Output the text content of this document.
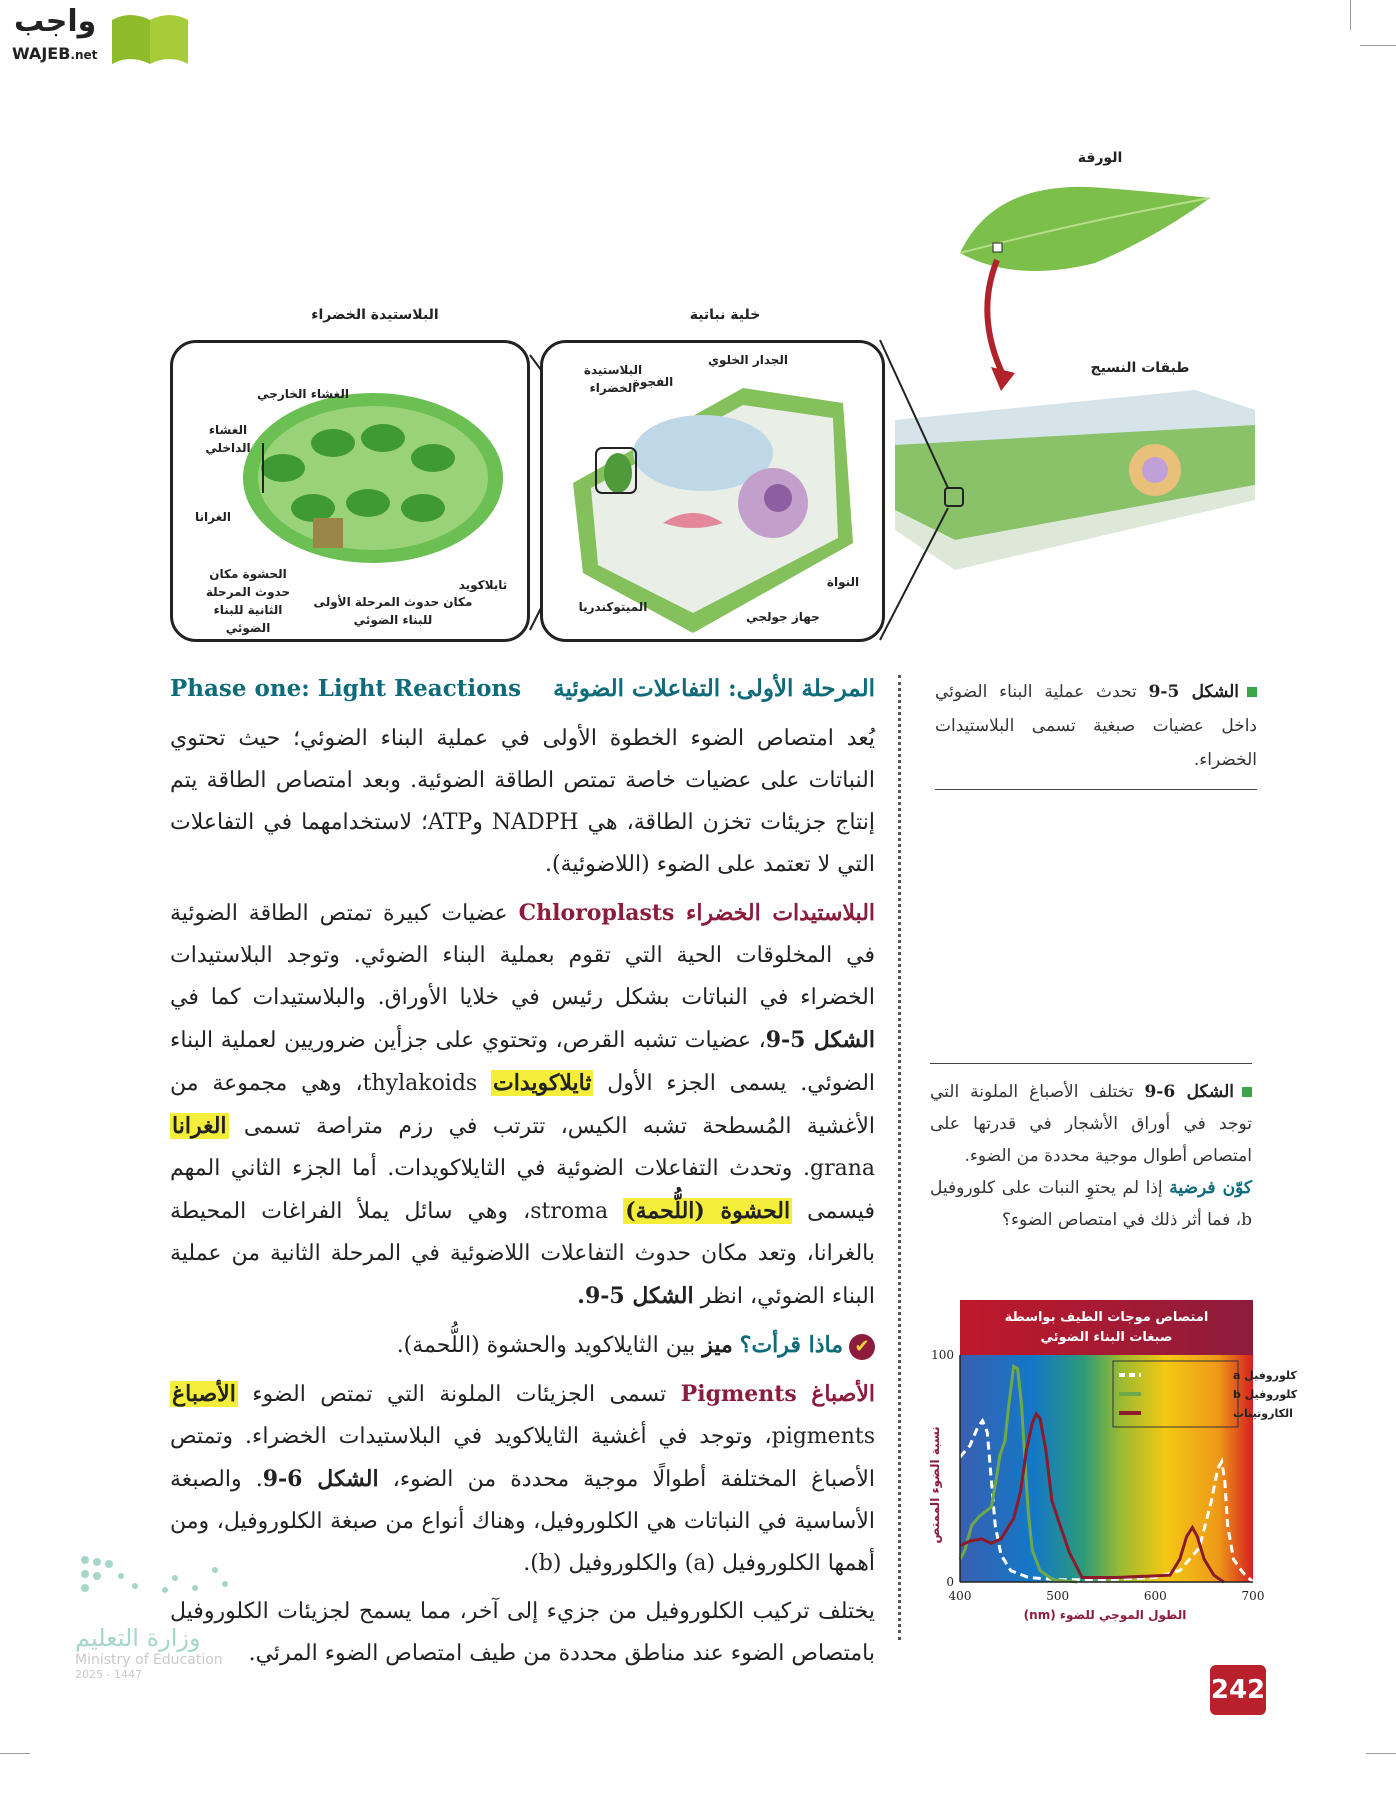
واجب
WAJEB.net
الورقة
طبقات النسيج
خلية نباتية
الجدار الخلوي
الفجوة
البلاستيدة الخضراء
النواة
جهاز جولجي
الميتوكندريا
البلاستيدة الخضراء
الغشاء الخارجي
الغشاء الداخلي
الغرانا
الحشوة مكان حدوث المرحلة الثانية للبناء الضوئي
ثايلاكويد
مكان حدوث المرحلة الأولى للبناء الضوئي
المرحلة الأولى: التفاعلات الضوئية
Phase one: Light Reactions

يُعد امتصاص الضوء الخطوة الأولى في عملية البناء الضوئي؛ حيث تحتوي النباتات على عضيات خاصة تمتص الطاقة الضوئية. وبعد امتصاص الطاقة يتم إنتاج جزيئات تخزن الطاقة، هي NADPH وATP؛ لاستخدامهما في التفاعلات التي لا تعتمد على الضوء (اللاضوئية).

البلاستيدات الخضراء Chloroplasts عضيات كبيرة تمتص الطاقة الضوئية في المخلوقات الحية التي تقوم بعملية البناء الضوئي. وتوجد البلاستيدات الخضراء في النباتات بشكل رئيس في خلايا الأوراق. والبلاستيدات كما في الشكل 5-9، عضيات تشبه القرص، وتحتوي على جزأين ضروريين لعملية البناء الضوئي. يسمى الجزء الأول ثايلاكويدات thylakoids، وهي مجموعة من الأغشية المُسطحة تشبه الكيس، تترتب في رزم متراصة تسمى الغرانا grana. وتحدث التفاعلات الضوئية في الثايلاكويدات. أما الجزء الثاني المهم فيسمى الحشوة (اللُّحمة) stroma، وهي سائل يملأ الفراغات المحيطة بالغرانا، وتعد مكان حدوث التفاعلات اللاضوئية في المرحلة الثانية من عملية البناء الضوئي، انظر الشكل 5-9.

✔ماذا قرأت؟ ميز بين الثايلاكويد والحشوة (اللُّحمة).

الأصباغ Pigments تسمى الجزيئات الملونة التي تمتص الضوء الأصباغ pigments، وتوجد في أغشية الثايلاكويد في البلاستيدات الخضراء. وتمتص الأصباغ المختلفة أطوالًا موجية محددة من الضوء، الشكل 6-9. والصبغة الأساسية في النباتات هي الكلوروفيل، وهناك أنواع من صبغة الكلوروفيل، ومن أهمها الكلوروفيل (a) والكلوروفيل (b).

يختلف تركيب الكلوروفيل من جزيء إلى آخر، مما يسمح لجزيئات الكلوروفيل بامتصاص الضوء عند مناطق محددة من طيف امتصاص الضوء المرئي.

الشكل 5-9 تحدث عملية البناء الضوئي داخل عضيات صبغية تسمى البلاستيدات الخضراء.
الشكل 6-9 تختلف الأصباغ الملونة التي توجد في أوراق الأشجار في قدرتها على امتصاص أطوال موجية محددة من الضوء.
كوّن فرضية إذا لم يحتوِ النبات على كلوروفيل b، فما أثر ذلك في امتصاص الضوء؟
امتصاص موجات الطيف بواسطة صبغات البناء الضوئي
400	500	600	700
0
100
كلوروفيل a
كلوروفيل b
الكاروتينات
نسبة الضوء الممتص
الطول الموجي للضوء (nm)
242
وزارة التعليم
Ministry of Education
2025 - 1447
